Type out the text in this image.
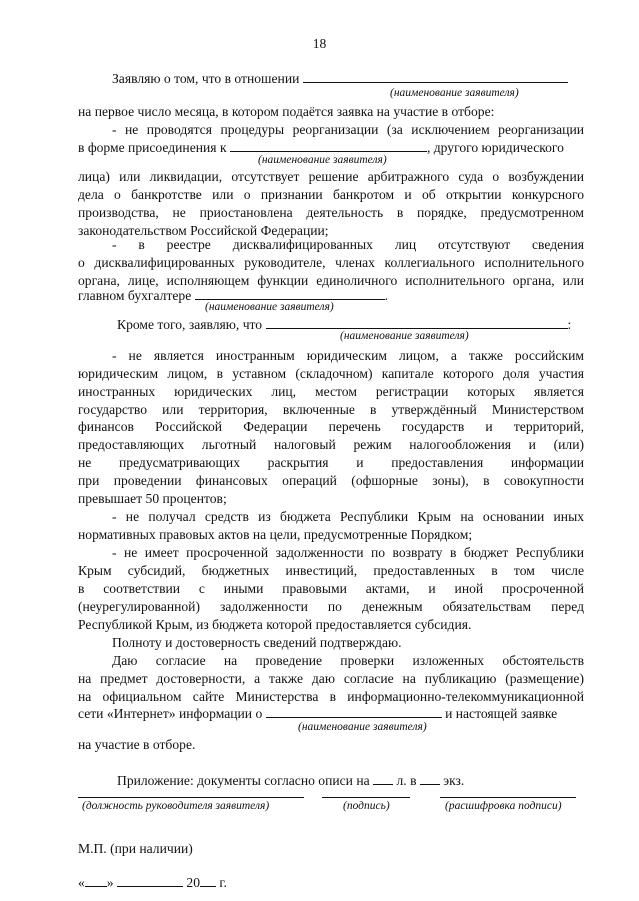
18
Заявляю о том, что в отношении
(наименование заявителя)
на первое число месяца, в котором подаётся заявка на участие в отборе:
- не проводятся процедуры реорганизации (за исключением реорганизации
в форме присоединения к	, другого юридического
(наименование заявителя)
лица) или ликвидации, отсутствует решение арбитражного суда о возбуждении
дела о банкротстве или о признании банкротом и об открытии конкурсного
производства, не приостановлена деятельность в порядке, предусмотренном
законодательством Российской Федерации;
- в реестре дисквалифицированных лиц отсутствуют сведения
о дисквалифицированных руководителе, членах коллегиального исполнительного
органа, лице, исполняющем функции единоличного исполнительного органа, или
главном бухгалтере	.
(наименование заявителя)
Кроме того, заявляю, что	:
(наименование заявителя)
- не является иностранным юридическим лицом, а также российским
юридическим лицом, в уставном (складочном) капитале которого доля участия
иностранных юридических лиц, местом регистрации которых является
государство или территория, включенные в утверждённый Министерством
финансов Российской Федерации перечень государств и территорий,
предоставляющих льготный налоговый режим налогообложения и (или)
не предусматривающих раскрытия и предоставления информации
при проведении финансовых операций (офшорные зоны), в совокупности
превышает 50 процентов;
- не получал средств из бюджета Республики Крым на основании иных
нормативных правовых актов на цели, предусмотренные Порядком;
- не имеет просроченной задолженности по возврату в бюджет Республики
Крым субсидий, бюджетных инвестиций, предоставленных в том числе
в соответствии с иными правовыми актами, и иной просроченной
(неурегулированной) задолженности по денежным обязательствам перед
Республикой Крым, из бюджета которой предоставляется субсидия.
Полноту и достоверность сведений подтверждаю.
Даю согласие на проведение проверки изложенных обстоятельств
на предмет достоверности, а также даю согласие на публикацию (размещение)
на официальном сайте Министерства в информационно-телекоммуникационной
сети «Интернет» информации о	и настоящей заявке
(наименование заявителя)
на участие в отборе.
Приложение: документы согласно описи на л. в экз.
(должность руководителя заявителя)	(подпись)	(расшифровка подписи)
М.П. (при наличии)
« »	20 г.
